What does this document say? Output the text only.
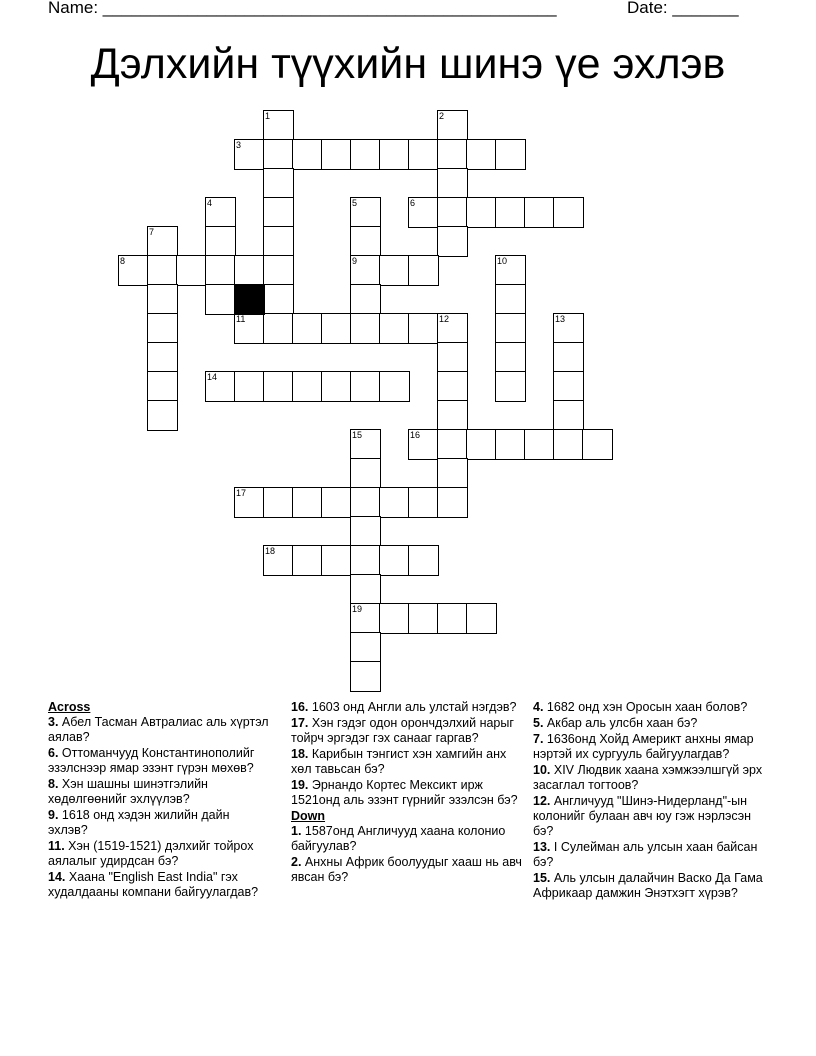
Name: ________________________________________________	Date: _______
Дэлхийн түүхийн шинэ үе эхлэв
1	2
3
4	5	6
7
8	9	10
11	12	13
14
15	16
17
18
19
Across
3. Абел Тасман Автралиас аль хүртэл аялав?
6. Оттоманчууд Константинополийг эзэлснээр ямар эзэнт гүрэн мөхөв?
8. Хэн шашны шинэтгэлийн хөдөлгөөнийг эхлүүлэв?
9. 1618 онд хэдэн жилийн дайн эхлэв?
11. Хэн (1519-1521) дэлхийг тойрох аялалыг удирдсан бэ?
14. Хаана "English East India" гэх худалдааны компани байгуулагдав?
16. 1603 онд Англи аль улстай нэгдэв?
17. Хэн гэдэг одон орончдэлхий нарыг тойрч эргэдэг гэх санааг гаргав?
18. Карибын тэнгист хэн хамгийн анх хөл тавьсан бэ?
19. Эрнандо Кортес Мексикт ирж 1521онд аль эзэнт гүрнийг эзэлсэн бэ?
Down
1. 1587онд Англичууд хаана колонио байгуулав?
2. Анхны Африк боолуудыг хааш нь авч явсан бэ?
4. 1682 онд хэн Оросын хаан болов?
5. Акбар аль улсбн хаан бэ?
7. 1636онд Хойд Америкт анхны ямар нэртэй их сургууль байгуулагдав?
10. XIV Людвик хаана хэмжээлшгүй эрх засаглал тогтоов?
12. Англичууд "Шинэ-Нидерланд"-ын колонийг булаан авч юу гэж нэрлэсэн бэ?
13. I Сулейман аль улсын хаан байсан бэ?
15. Аль улсын далайчин Васко Да Гама Африкаар дамжин Энэтхэгт хүрэв?
